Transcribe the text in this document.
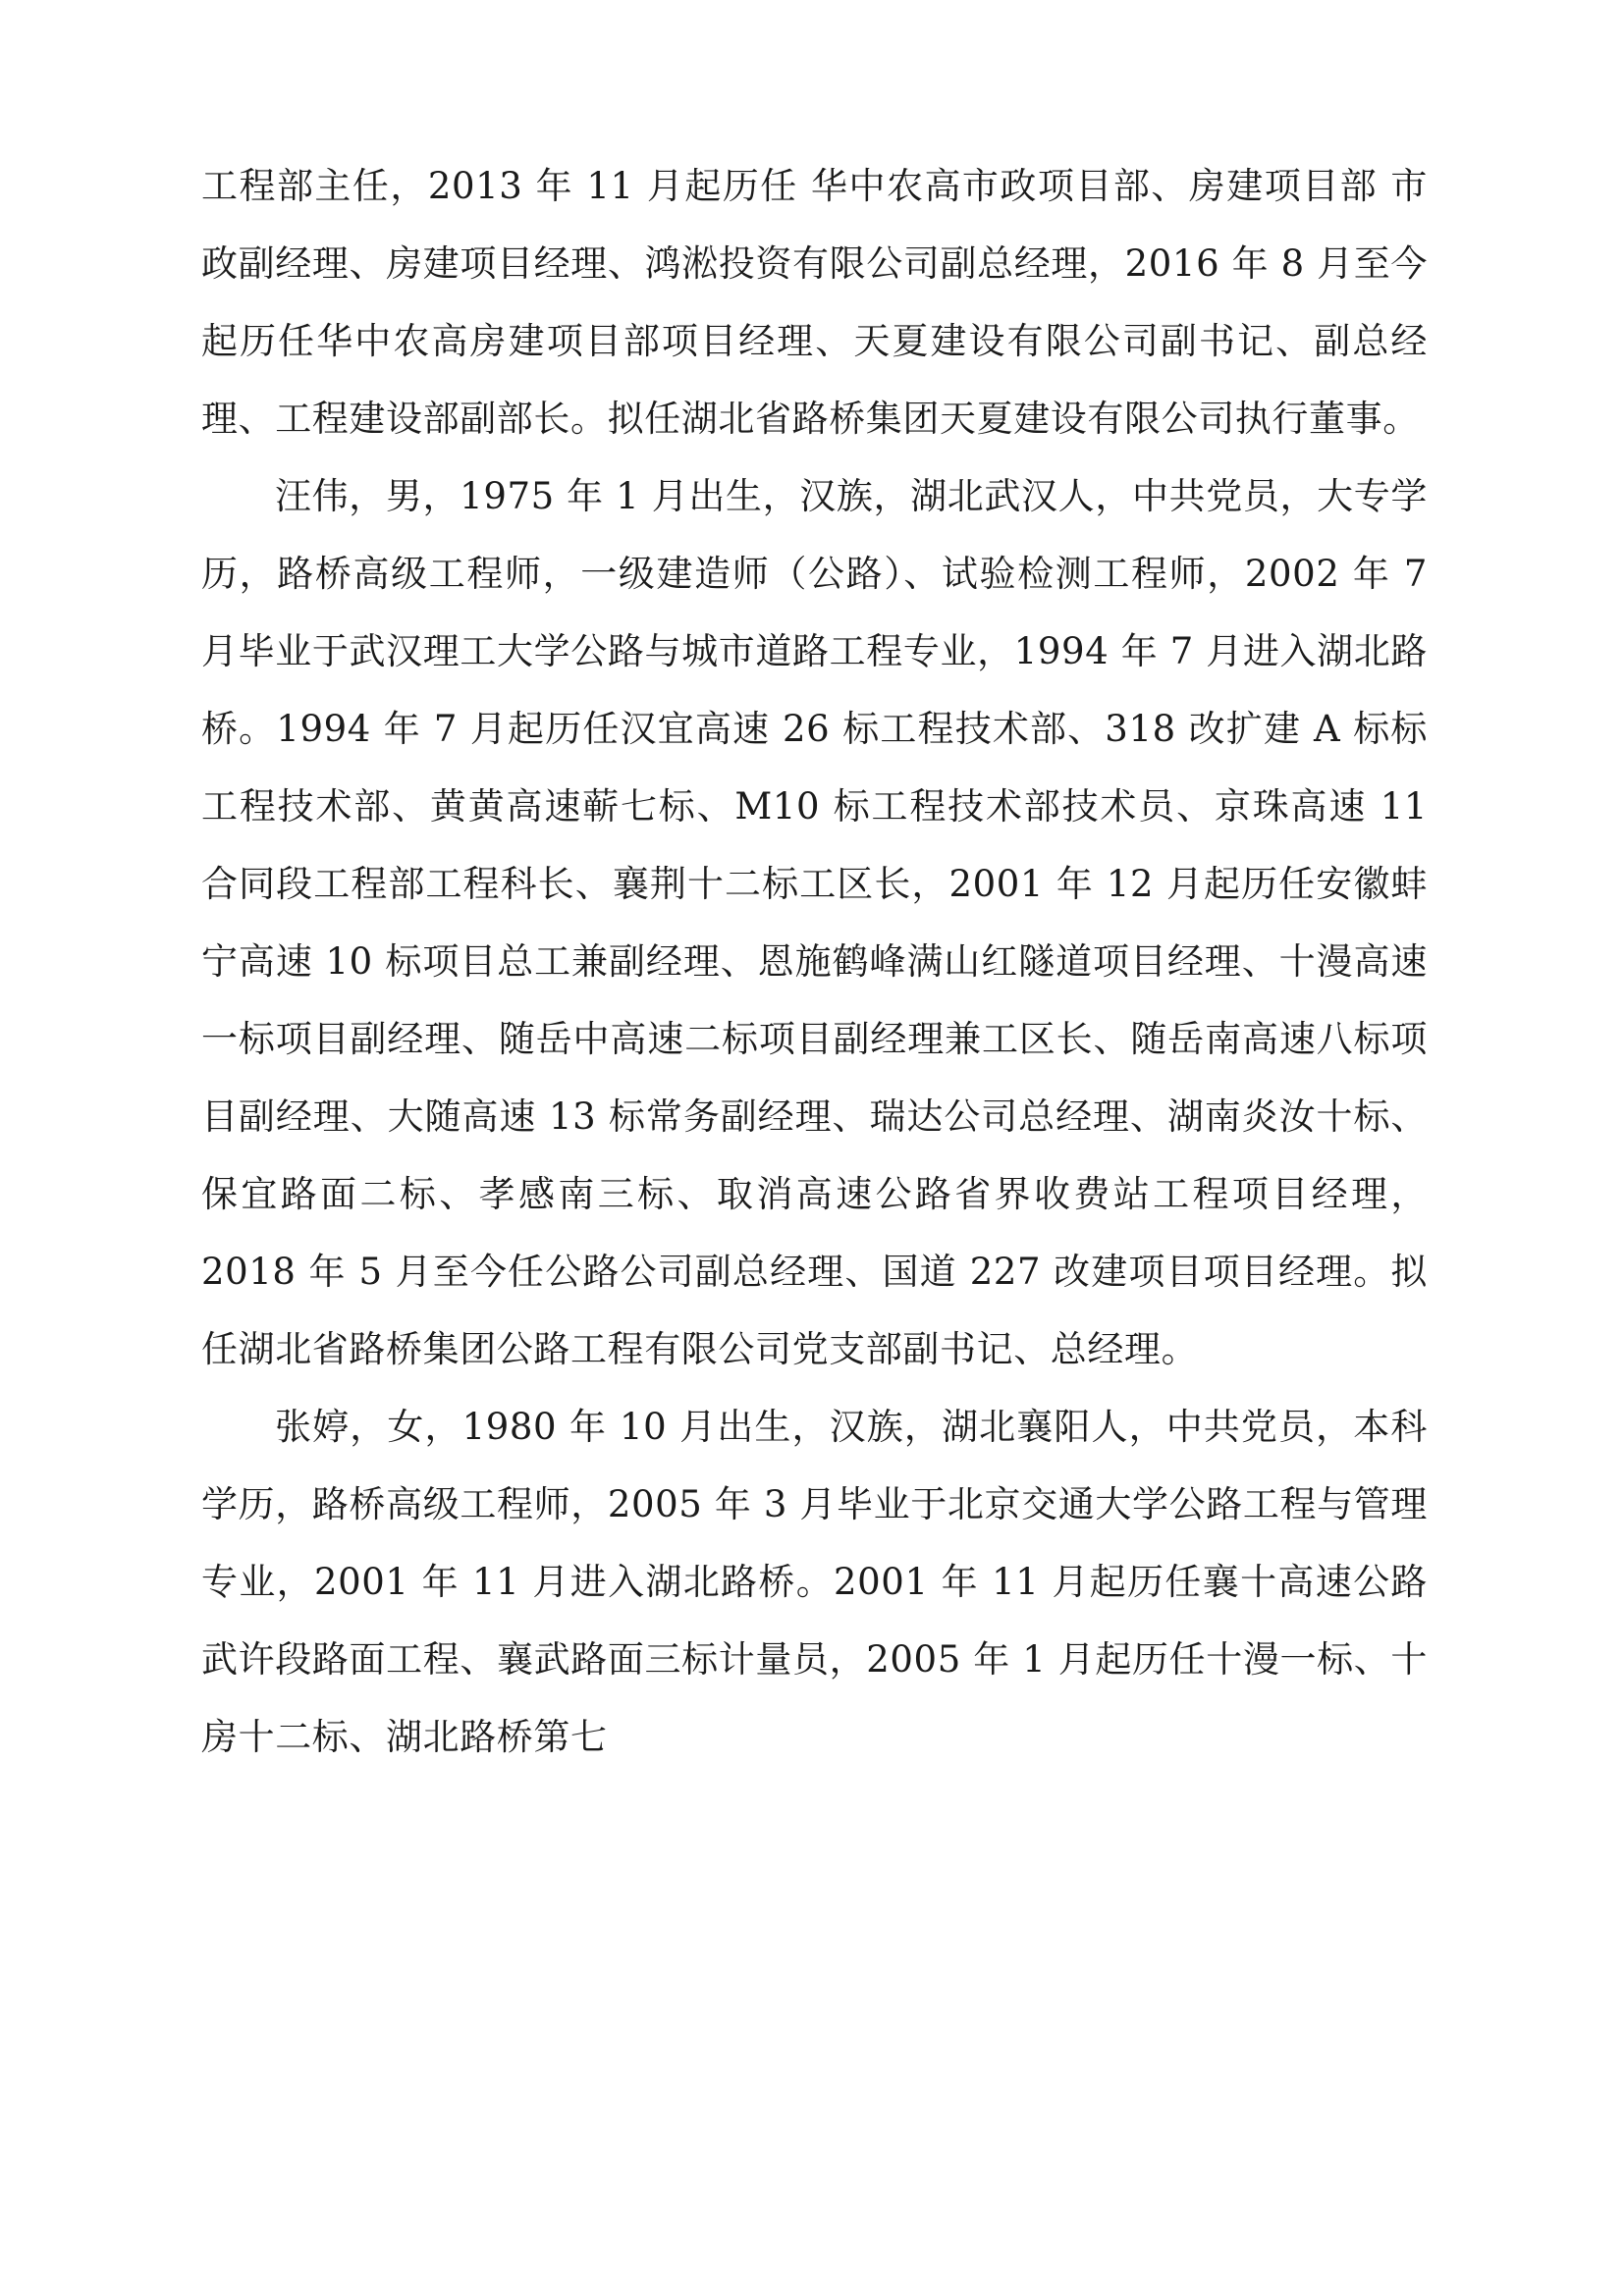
工程部主任，2013 年 11 月起历任 华中农高市政项目部、房建项目部 市政副经理、房建项目经理、鸿淞投资有限公司副总经理，2016 年 8 月至今起历任华中农高房建项目部项目经理、天夏建设有限公司副书记、副总经理、工程建设部副部长。拟任湖北省路桥集团天夏建设有限公司执行董事。

汪伟，男，1975 年 1 月出生，汉族，湖北武汉人，中共党员，大专学历，路桥高级工程师，一级建造师（公路）、试验检测工程师，2002 年 7 月毕业于武汉理工大学公路与城市道路工程专业，1994 年 7 月进入湖北路桥。1994 年 7 月起历任汉宜高速 26 标工程技术部、318 改扩建 A 标标工程技术部、黄黄高速蕲七标、M10 标工程技术部技术员、京珠高速 11 合同段工程部工程科长、襄荆十二标工区长，2001 年 12 月起历任安徽蚌宁高速 10 标项目总工兼副经理、恩施鹤峰满山红隧道项目经理、十漫高速一标项目副经理、随岳中高速二标项目副经理兼工区长、随岳南高速八标项目副经理、大随高速 13 标常务副经理、瑞达公司总经理、湖南炎汝十标、保宜路面二标、孝感南三标、取消高速公路省界收费站工程项目经理，2018 年 5 月至今任公路公司副总经理、国道 227 改建项目项目经理。拟任湖北省路桥集团公路工程有限公司党支部副书记、总经理。

张婷，女，1980 年 10 月出生，汉族，湖北襄阳人，中共党员，本科学历，路桥高级工程师，2005 年 3 月毕业于北京交通大学公路工程与管理专业，2001 年 11 月进入湖北路桥。2001 年 11 月起历任襄十高速公路武许段路面工程、襄武路面三标计量员，2005 年 1 月起历任十漫一标、十房十二标、湖北路桥第七
